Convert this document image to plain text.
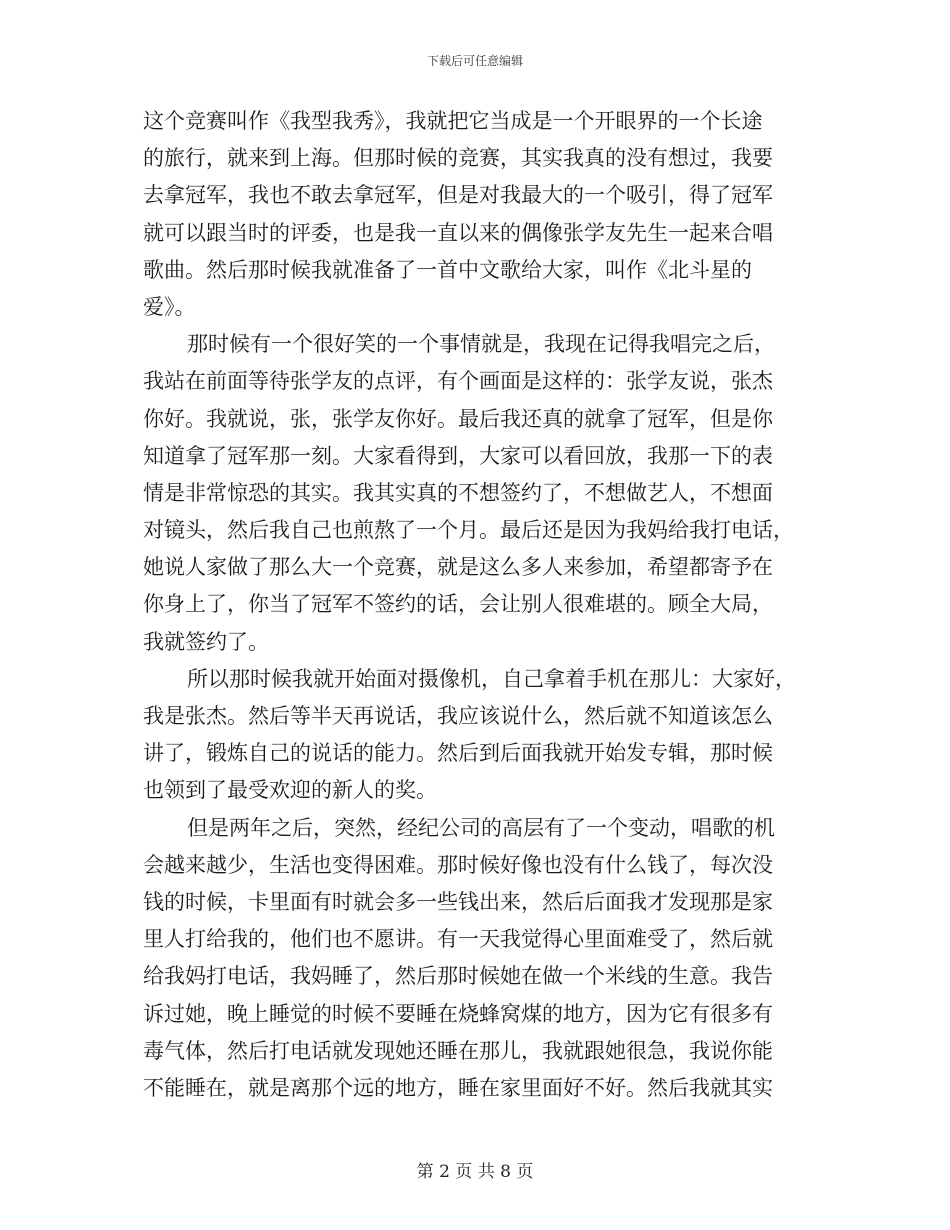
下载后可任意编辑
这个竞赛叫作《我型我秀》，我就把它当成是一个开眼界的一个长途
的旅行，就来到上海。但那时候的竞赛，其实我真的没有想过，我要
去拿冠军，我也不敢去拿冠军，但是对我最大的一个吸引，得了冠军
就可以跟当时的评委，也是我一直以来的偶像张学友先生一起来合唱
歌曲。然后那时候我就准备了一首中文歌给大家，叫作《北斗星的
爱》。
那时候有一个很好笑的一个事情就是，我现在记得我唱完之后，
我站在前面等待张学友的点评，有个画面是这样的：张学友说，张杰
你好。我就说，张，张学友你好。最后我还真的就拿了冠军，但是你
知道拿了冠军那一刻。大家看得到，大家可以看回放，我那一下的表
情是非常惊恐的其实。我其实真的不想签约了，不想做艺人，不想面
对镜头，然后我自己也煎熬了一个月。最后还是因为我妈给我打电话，
她说人家做了那么大一个竞赛，就是这么多人来参加，希望都寄予在
你身上了，你当了冠军不签约的话，会让别人很难堪的。顾全大局，
我就签约了。
所以那时候我就开始面对摄像机，自己拿着手机在那儿：大家好，
我是张杰。然后等半天再说话，我应该说什么，然后就不知道该怎么
讲了，锻炼自己的说话的能力。然后到后面我就开始发专辑，那时候
也领到了最受欢迎的新人的奖。
但是两年之后，突然，经纪公司的高层有了一个变动，唱歌的机
会越来越少，生活也变得困难。那时候好像也没有什么钱了，每次没
钱的时候，卡里面有时就会多一些钱出来，然后后面我才发现那是家
里人打给我的，他们也不愿讲。有一天我觉得心里面难受了，然后就
给我妈打电话，我妈睡了，然后那时候她在做一个米线的生意。我告
诉过她，晚上睡觉的时候不要睡在烧蜂窝煤的地方，因为它有很多有
毒气体，然后打电话就发现她还睡在那儿，我就跟她很急，我说你能
不能睡在，就是离那个远的地方，睡在家里面好不好。然后我就其实
第 2 页 共 8 页
